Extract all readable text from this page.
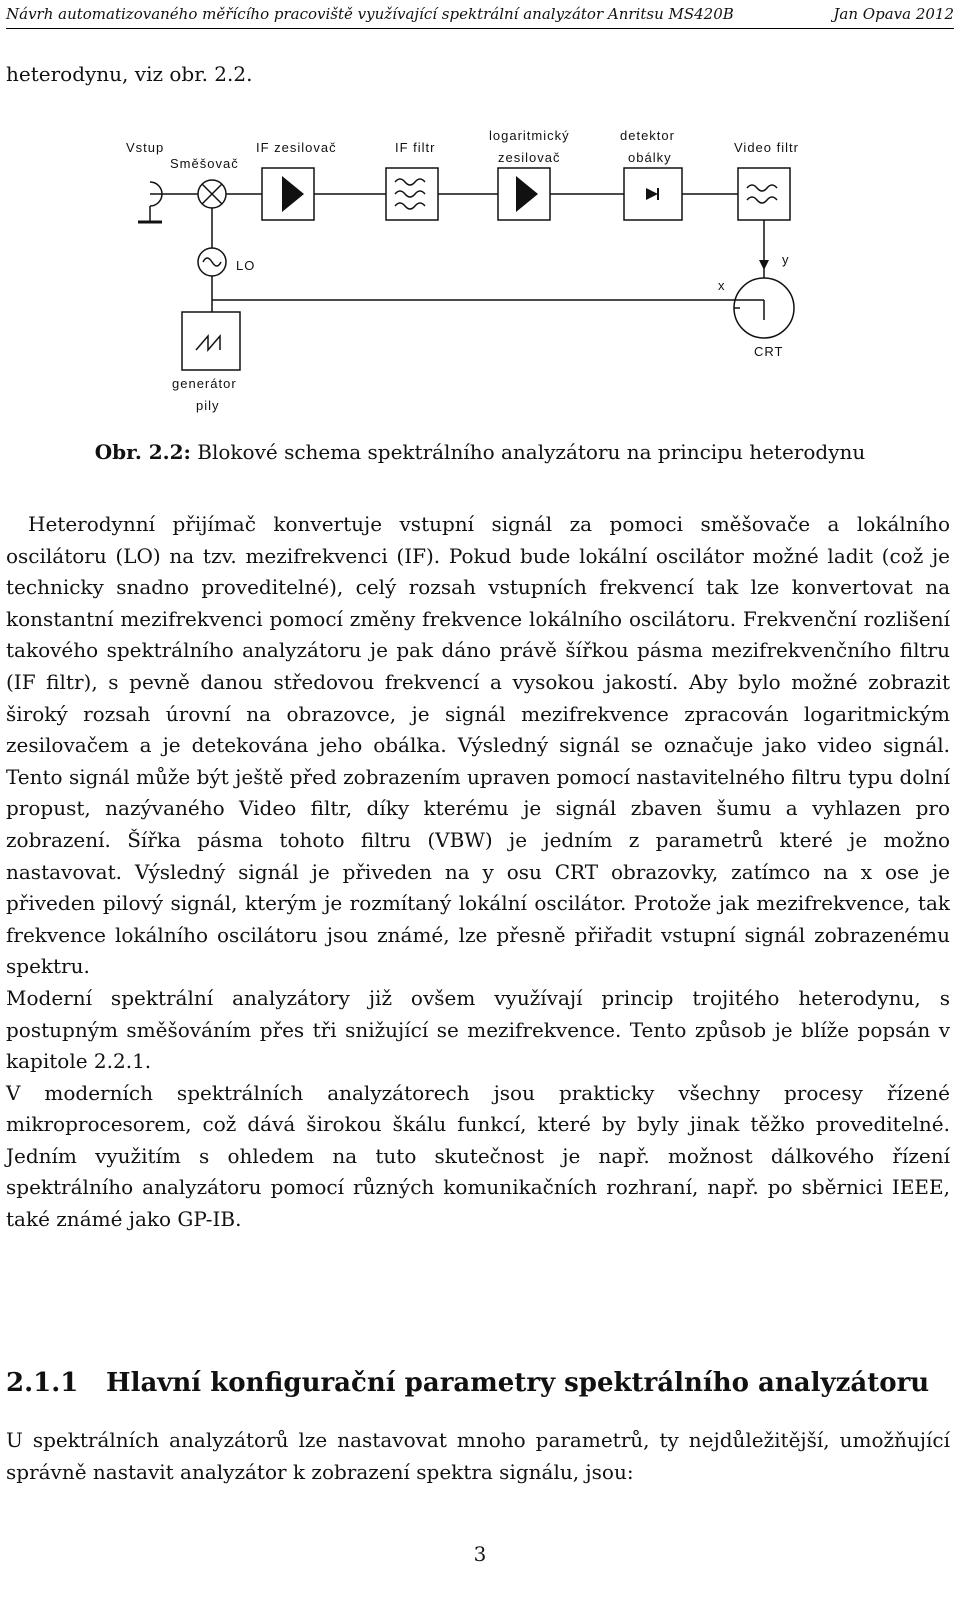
Návrh automatizovaného měřícího pracoviště využívající spektrální analyzátor Anritsu MS420B	Jan Opava 2012
heterodynu, viz obr. 2.2.
Vstup
Směšovač
IF zesilovač	IF filtr
logaritmický
zesilovač
detektor
obálky
Video filtr
LO
x
y
CRT
generátor
pily
Obr. 2.2: Blokové schema spektrálního analyzátoru na principu heterodynu
Heterodynní přijímač konvertuje vstupní signál za pomoci směšovače a lokálního oscilátoru (LO) na tzv. mezifrekvenci (IF). Pokud bude lokální oscilátor možné ladit (což je technicky snadno proveditelné), celý rozsah vstupních frekvencí tak lze konvertovat na konstantní mezifrekvenci pomocí změny frekvence lokálního oscilátoru. Frekvenční rozlišení takového spektrálního analyzátoru je pak dáno právě šířkou pásma mezifrekvenčního filtru (IF filtr), s pevně danou středovou frekvencí a vysokou jakostí. Aby bylo možné zobrazit široký rozsah úrovní na obrazovce, je signál mezifrekvence zpracován logaritmickým zesilovačem a je detekována jeho obálka. Výsledný signál se označuje jako video signál. Tento signál může být ještě před zobrazením upraven pomocí nastavitelného filtru typu dolní propust, nazývaného Video filtr, díky kterému je signál zbaven šumu a vyhlazen pro zobrazení. Šířka pásma tohoto filtru (VBW) je jedním z parametrů které je možno nastavovat. Výsledný signál je přiveden na y osu CRT obrazovky, zatímco na x ose je přiveden pilový signál, kterým je rozmítaný lokální oscilátor. Protože jak mezifrekvence, tak frekvence lokálního oscilátoru jsou známé, lze přesně přiřadit vstupní signál zobrazenému spektru.
Moderní spektrální analyzátory již ovšem využívají princip trojitého heterodynu, s postupným směšováním přes tři snižující se mezifrekvence. Tento způsob je blíže popsán v kapitole 2.2.1.
V moderních spektrálních analyzátorech jsou prakticky všechny procesy řízené mikroprocesorem, což dává širokou škálu funkcí, které by byly jinak těžko proveditelné. Jedním využitím s ohledem na tuto skutečnost je např. možnost dálkového řízení spektrálního analyzátoru pomocí různých komunikačních rozhraní, např. po sběrnici IEEE, také známé jako GP-IB.
2.1.1 Hlavní konfigurační parametry spektrálního analyzátoru
U spektrálních analyzátorů lze nastavovat mnoho parametrů, ty nejdůležitější, umožňující správně nastavit analyzátor k zobrazení spektra signálu, jsou:
3
